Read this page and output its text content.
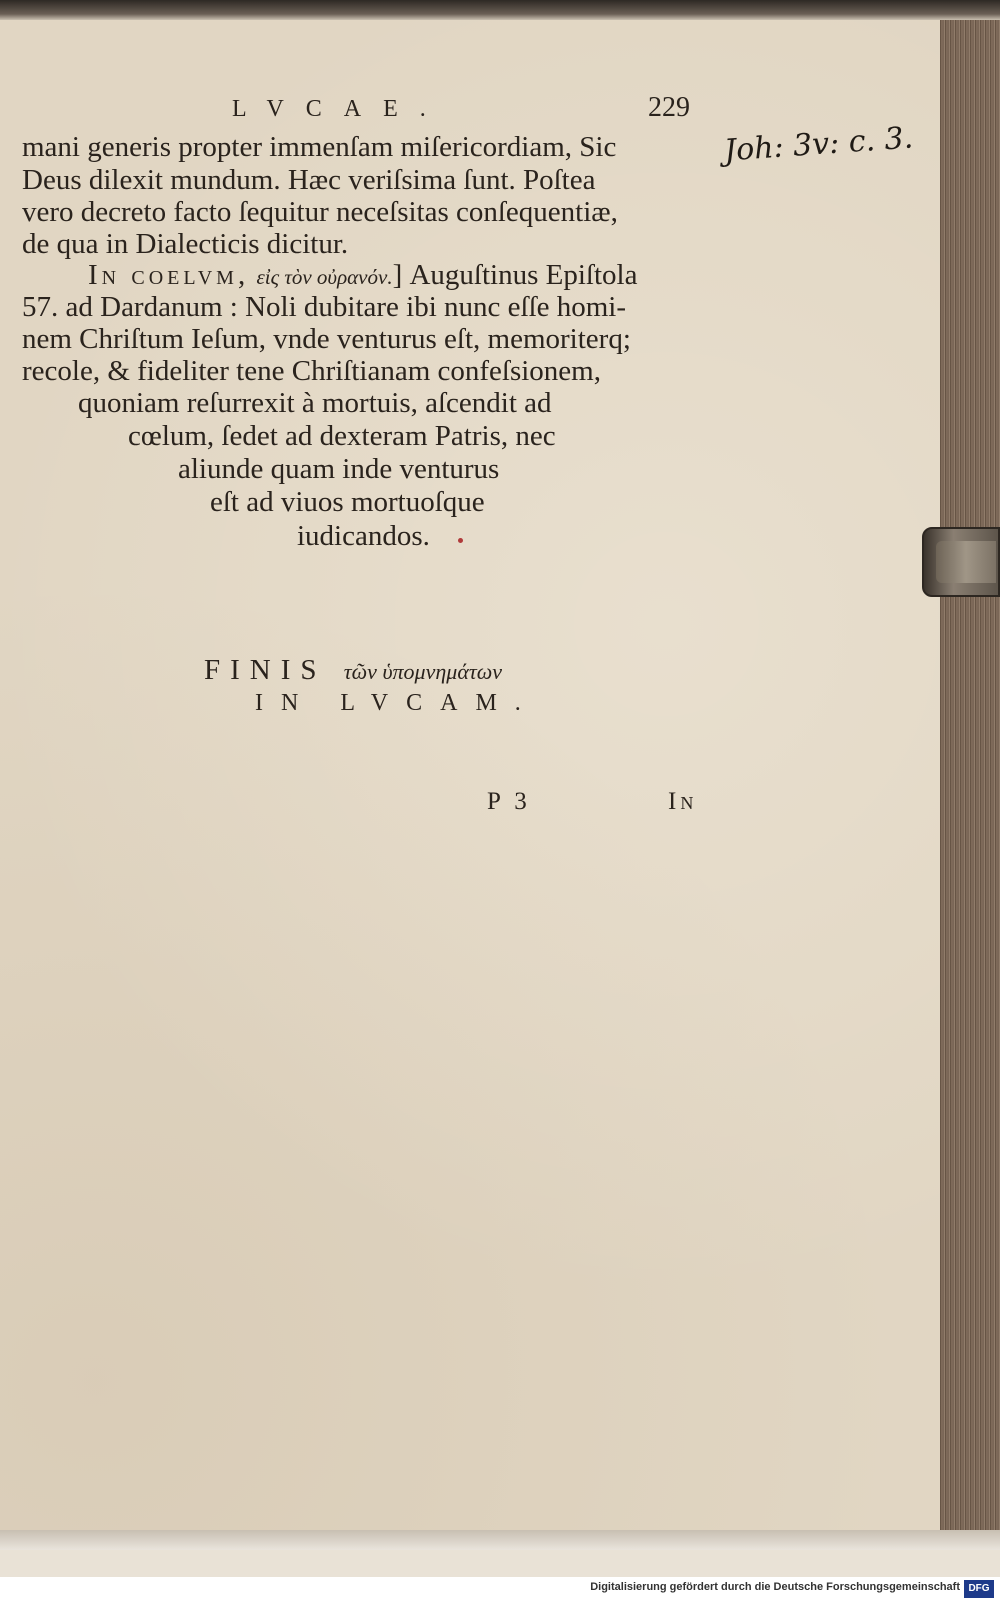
LVCAE.	229
Joh: 3v: c. 3.
mani generis propter immenſam miſericordiam, Sic
Deus dilexit mundum. Hæc veriſsima ſunt. Poſtea
vero decreto facto ſequitur neceſsitas conſequentiæ,
de qua in Dialecticis dicitur.
In coelvm, εἰς τὸν οὐρανόν.] Auguſtinus Epiſtola
57. ad Dardanum : Noli dubitare ibi nunc eſſe homi-
nem Chriſtum Ieſum, vnde venturus eſt, memoriterq;
recole, & fideliter tene Chriſtianam confeſsionem,
quoniam reſurrexit à mortuis, aſcendit ad
cœlum, ſedet ad dexteram Patris, nec
aliunde quam inde venturus
eſt ad viuos mortuoſque
iudicandos.
FINIS τῶν ὑπομνημάτων
IN LVCAM.
P 3	In
Digitalisierung gefördert durch die Deutsche Forschungsgemeinschaft DFG
